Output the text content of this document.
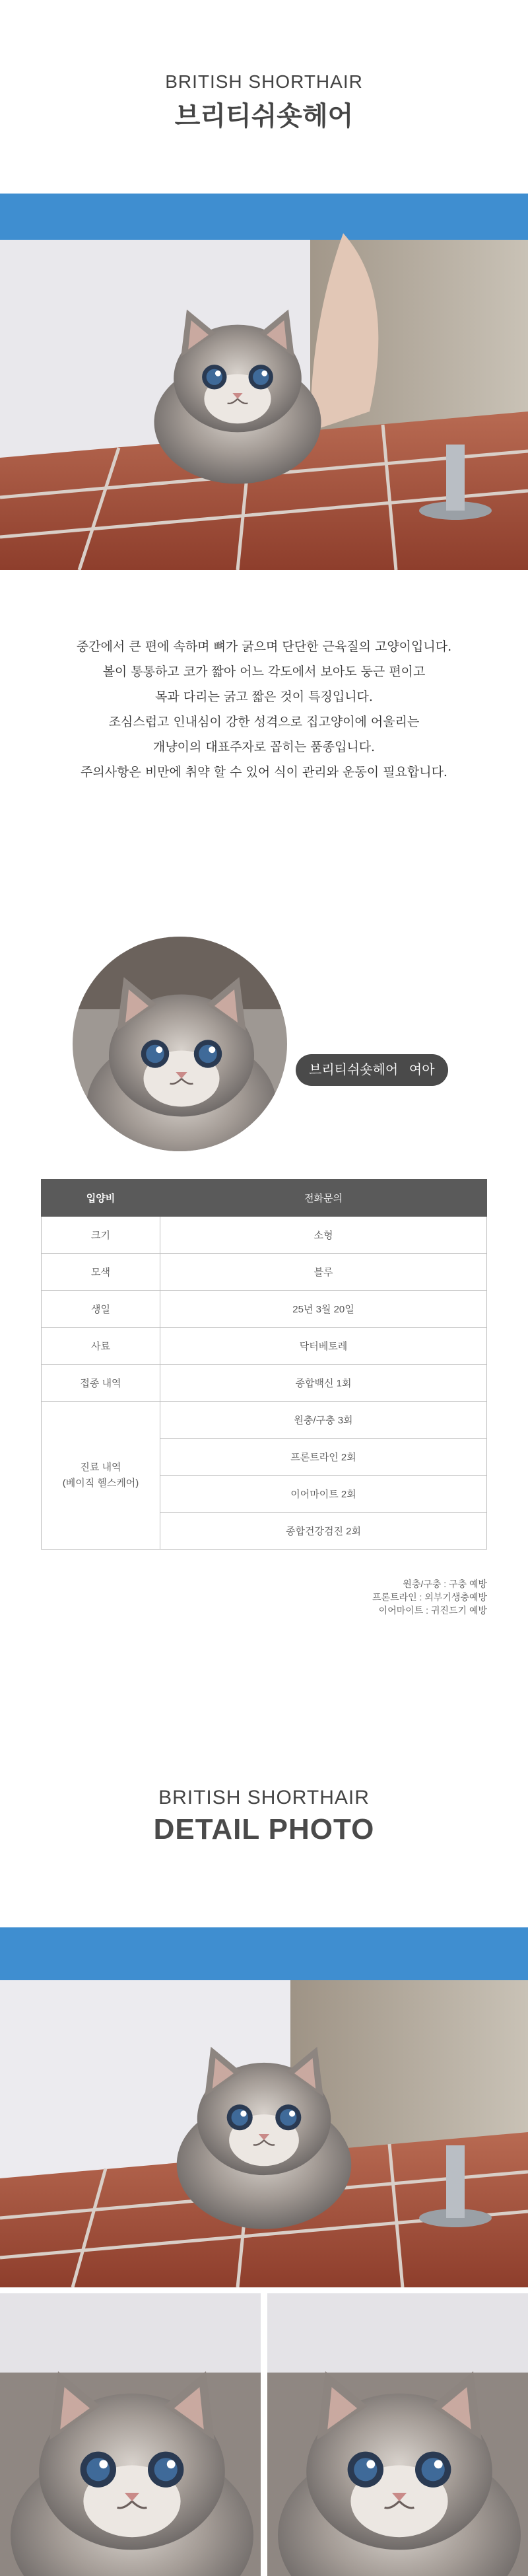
BRITISH SHORTHAIR
브리티쉬숏헤어
중간에서 큰 편에 속하며 뼈가 굵으며 단단한 근육질의 고양이입니다.
볼이 통통하고 코가 짧아 어느 각도에서 보아도 둥근 편이고
목과 다리는 굵고 짧은 것이 특징입니다.
조심스럽고 인내심이 강한 성격으로 집고양이에 어울리는
개냥이의 대표주자로 꼽히는 품종입니다.
주의사항은 비만에 취약 할 수 있어 식이 관리와 운동이 필요합니다.
브리티쉬숏헤어 여아
입양비	전화문의
크기	소형
모색	블루
생일	25년 3월 20일
사료	닥터베토레
접종 내역	종합백신 1회

진료 내역
(베이직 헬스케어)	원충/구충 3회
	프론트라인 2회
	이어마이트 2회
	종합건강검진 2회
원충/구충 : 구충 예방
프론트라인 : 외부기생충예방
이어마이트 : 귀진드기 예방
BRITISH SHORTHAIR
DETAIL PHOTO
